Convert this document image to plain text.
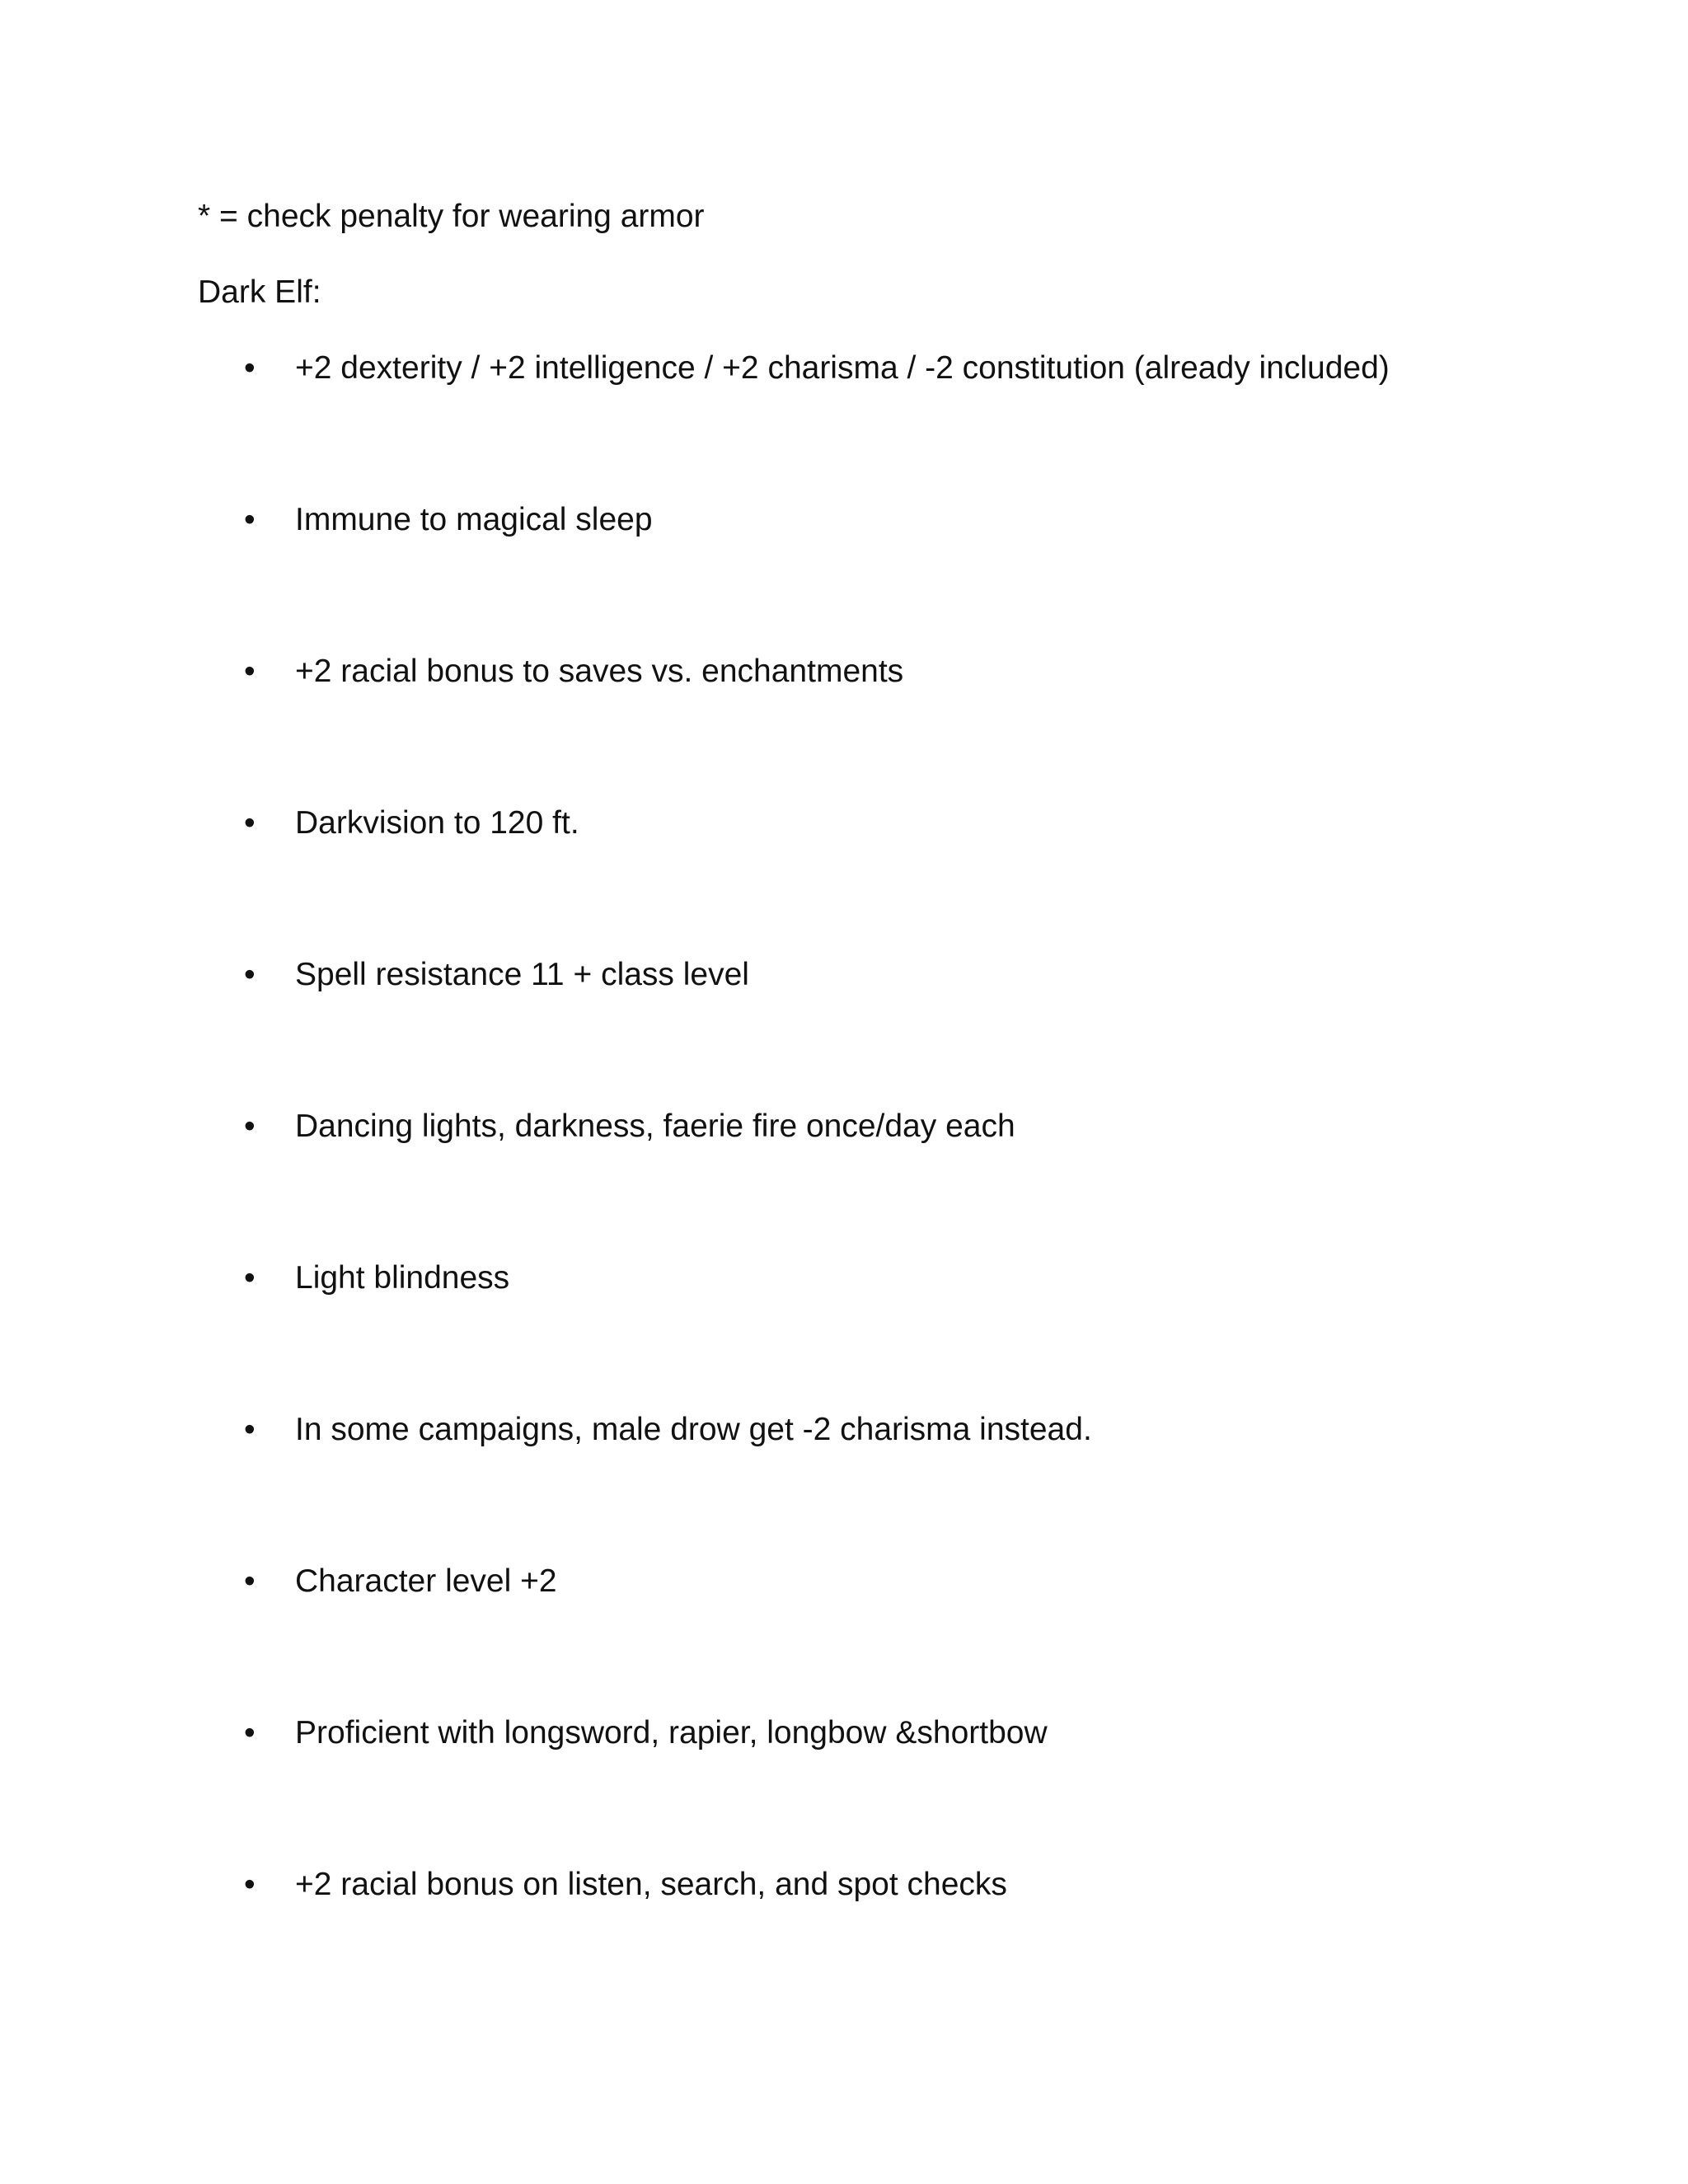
* = check penalty for wearing armor
Dark Elf:
• +2 dexterity / +2 intelligence / +2 charisma / -2 constitution (already included)
• Immune to magical sleep
• +2 racial bonus to saves vs. enchantments
• Darkvision to 120 ft.
• Spell resistance 11 + class level
• Dancing lights, darkness, faerie fire once/day each
• Light blindness
• In some campaigns, male drow get -2 charisma instead.
• Character level +2
• Proficient with longsword, rapier, longbow &shortbow
• +2 racial bonus on listen, search, and spot checks
